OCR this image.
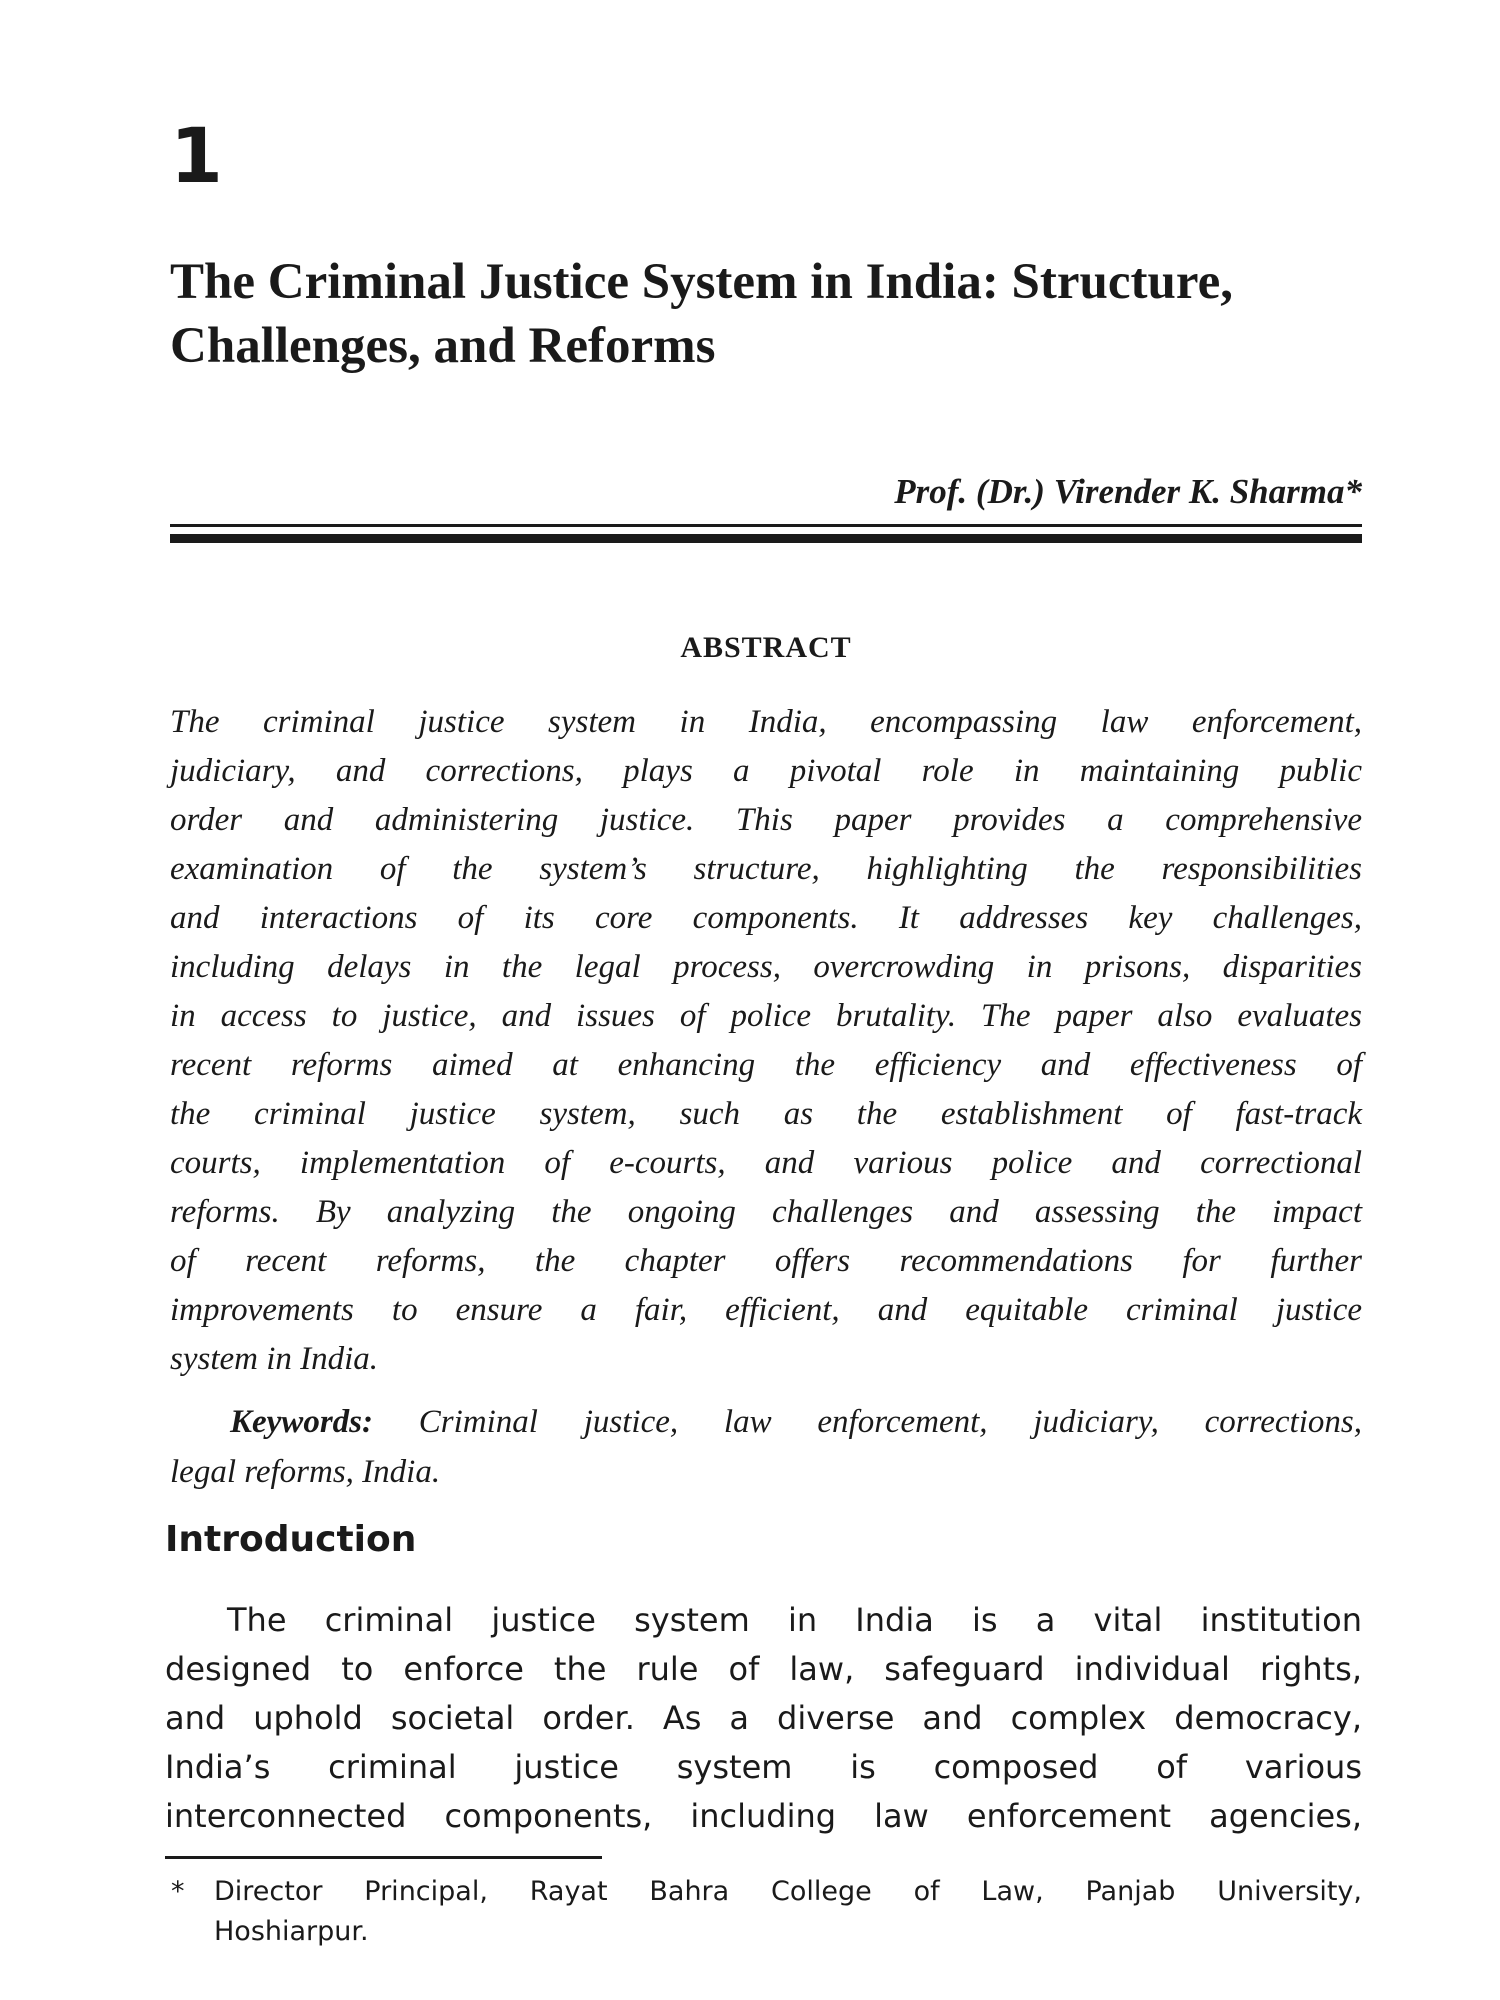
1
The Criminal Justice System in India: Structure,
Challenges, and Reforms
Prof. (Dr.) Virender K. Sharma*
ABSTRACT
The criminal justice system in India, encompassing law enforcement,
judiciary, and corrections, plays a pivotal role in maintaining public
order and administering justice. This paper provides a comprehensive
examination of the system’s structure, highlighting the responsibilities
and interactions of its core components. It addresses key challenges,
including delays in the legal process, overcrowding in prisons, disparities
in access to justice, and issues of police brutality. The paper also evaluates
recent reforms aimed at enhancing the efficiency and effectiveness of
the criminal justice system, such as the establishment of fast-track
courts, implementation of e-courts, and various police and correctional
reforms. By analyzing the ongoing challenges and assessing the impact
of recent reforms, the chapter offers recommendations for further
improvements to ensure a fair, efficient, and equitable criminal justice
system in India.
Keywords: Criminal justice, law enforcement, judiciary, corrections,
legal reforms, India.
Introduction
The criminal justice system in India is a vital institution
designed to enforce the rule of law, safeguard individual rights,
and uphold societal order. As a diverse and complex democracy,
India’s criminal justice system is composed of various
interconnected components, including law enforcement agencies,
* Director Principal, Rayat Bahra College of Law, Panjab University,
Hoshiarpur.
